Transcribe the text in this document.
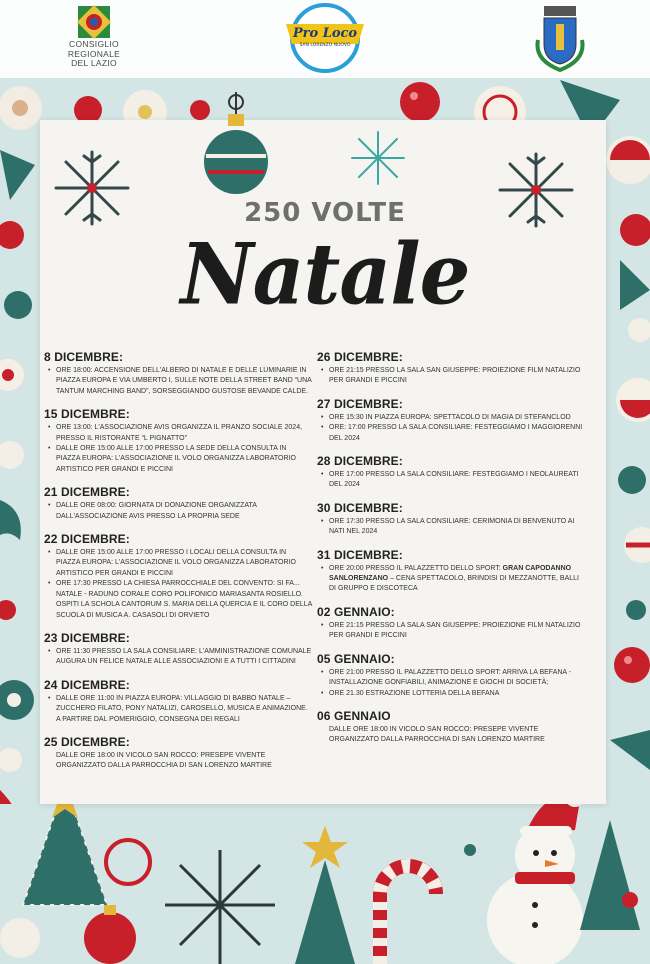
CONSIGLIO
REGIONALE
DEL LAZIO
Pro Loco
SAN LORENZO NUOVO
250 VOLTE
Natale
8 DICEMBRE:
• ORE 18:00: ACCENSIONE DELL'ALBERO DI NATALE E DELLE LUMINARIE IN PIAZZA EUROPA E VIA UMBERTO I, SULLE NOTE DELLA STREET BAND “UNA TANTUM MARCHING BAND”, SORSEGGIANDO GUSTOSE BEVANDE CALDE.
15 DICEMBRE:
• ORE 13:00: L'ASSOCIAZIONE AVIS ORGANIZZA IL PRANZO SOCIALE 2024, PRESSO IL RISTORANTE “L PIGNATTO”
• DALLE ORE 15:00 ALLE 17:00 PRESSO LA SEDE DELLA CONSULTA IN PIAZZA EUROPA: L'ASSOCIAZIONE IL VOLO ORGANIZZA LABORATORIO ARTISTICO PER GRANDI E PICCINI
21 DICEMBRE:
• DALLE ORE 08:00: GIORNATA DI DONAZIONE ORGANIZZATA DALL'ASSOCIAZIONE AVIS PRESSO LA PROPRIA SEDE
22 DICEMBRE:
• DALLE ORE 15:00 ALLE 17:00 PRESSO I LOCALI DELLA CONSULTA IN PIAZZA EUROPA: L'ASSOCIAZIONE IL VOLO ORGANIZZA LABORATORIO ARTISTICO PER GRANDI E PICCINI
• ORE 17:30 PRESSO LA CHIESA PARROCCHIALE DEL CONVENTO: SI FA... NATALE - RADUNO CORALE CORO POLIFONICO MARIASANTA ROSIELLO. OSPITI LA SCHOLA CANTORUM S. MARIA DELLA QUERCIA E IL CORO DELLA SCUOLA DI MUSICA A. CASASOLI DI ORVIETO
23 DICEMBRE:
• ORE 11:30 PRESSO LA SALA CONSILIARE: L'AMMINISTRAZIONE COMUNALE AUGURA UN FELICE NATALE ALLE ASSOCIAZIONI E A TUTTI I CITTADINI
24 DICEMBRE:
• DALLE ORE 11:00 IN PIAZZA EUROPA: VILLAGGIO DI BABBO NATALE – ZUCCHERO FILATO, PONY NATALIZI, CAROSELLO, MUSICA E ANIMAZIONE. A PARTIRE DAL POMERIGGIO, CONSEGNA DEI REGALI
25 DICEMBRE:
DALLE ORE 18:00 IN VICOLO SAN ROCCO: PRESEPE VIVENTE ORGANIZZATO DALLA PARROCCHIA DI SAN LORENZO MARTIRE
26 DICEMBRE:
• ORE 21:15 PRESSO LA SALA SAN GIUSEPPE: PROIEZIONE FILM NATALIZIO PER GRANDI E PICCINI
27 DICEMBRE:
• ORE 15:30 IN PIAZZA EUROPA: SPETTACOLO DI MAGIA DI STEFANCLOD
• ORE: 17:00 PRESSO LA SALA CONSILIARE: FESTEGGIAMO I MAGGIORENNI DEL 2024
28 DICEMBRE:
• ORE 17:00 PRESSO LA SALA CONSILIARE: FESTEGGIAMO I NEOLAUREATI DEL 2024
30 DICEMBRE:
• ORE 17:30 PRESSO LA SALA CONSILIARE: CERIMONIA DI BENVENUTO AI NATI NEL 2024
31 DICEMBRE:
• ORE 20:00 PRESSO IL PALAZZETTO DELLO SPORT: GRAN CAPODANNO SANLORENZANO – CENA SPETTACOLO, BRINDISI DI MEZZANOTTE, BALLI DI GRUPPO E DISCOTECA
02 GENNAIO:
• ORE 21:15 PRESSO LA SALA SAN GIUSEPPE: PROIEZIONE FILM NATALIZIO PER GRANDI E PICCINI
05 GENNAIO:
• ORE 21:00 PRESSO IL PALAZZETTO DELLO SPORT: ARRIVA LA BEFANA - INSTALLAZIONE GONFIABILI, ANIMAZIONE E GIOCHI DI SOCIETÀ;
• ORE 21.30 ESTRAZIONE LOTTERIA DELLA BEFANA
06 GENNAIO
DALLE ORE 18:00 IN VICOLO SAN ROCCO: PRESEPE VIVENTE ORGANIZZATO DALLA PARROCCHIA DI SAN LORENZO MARTIRE
